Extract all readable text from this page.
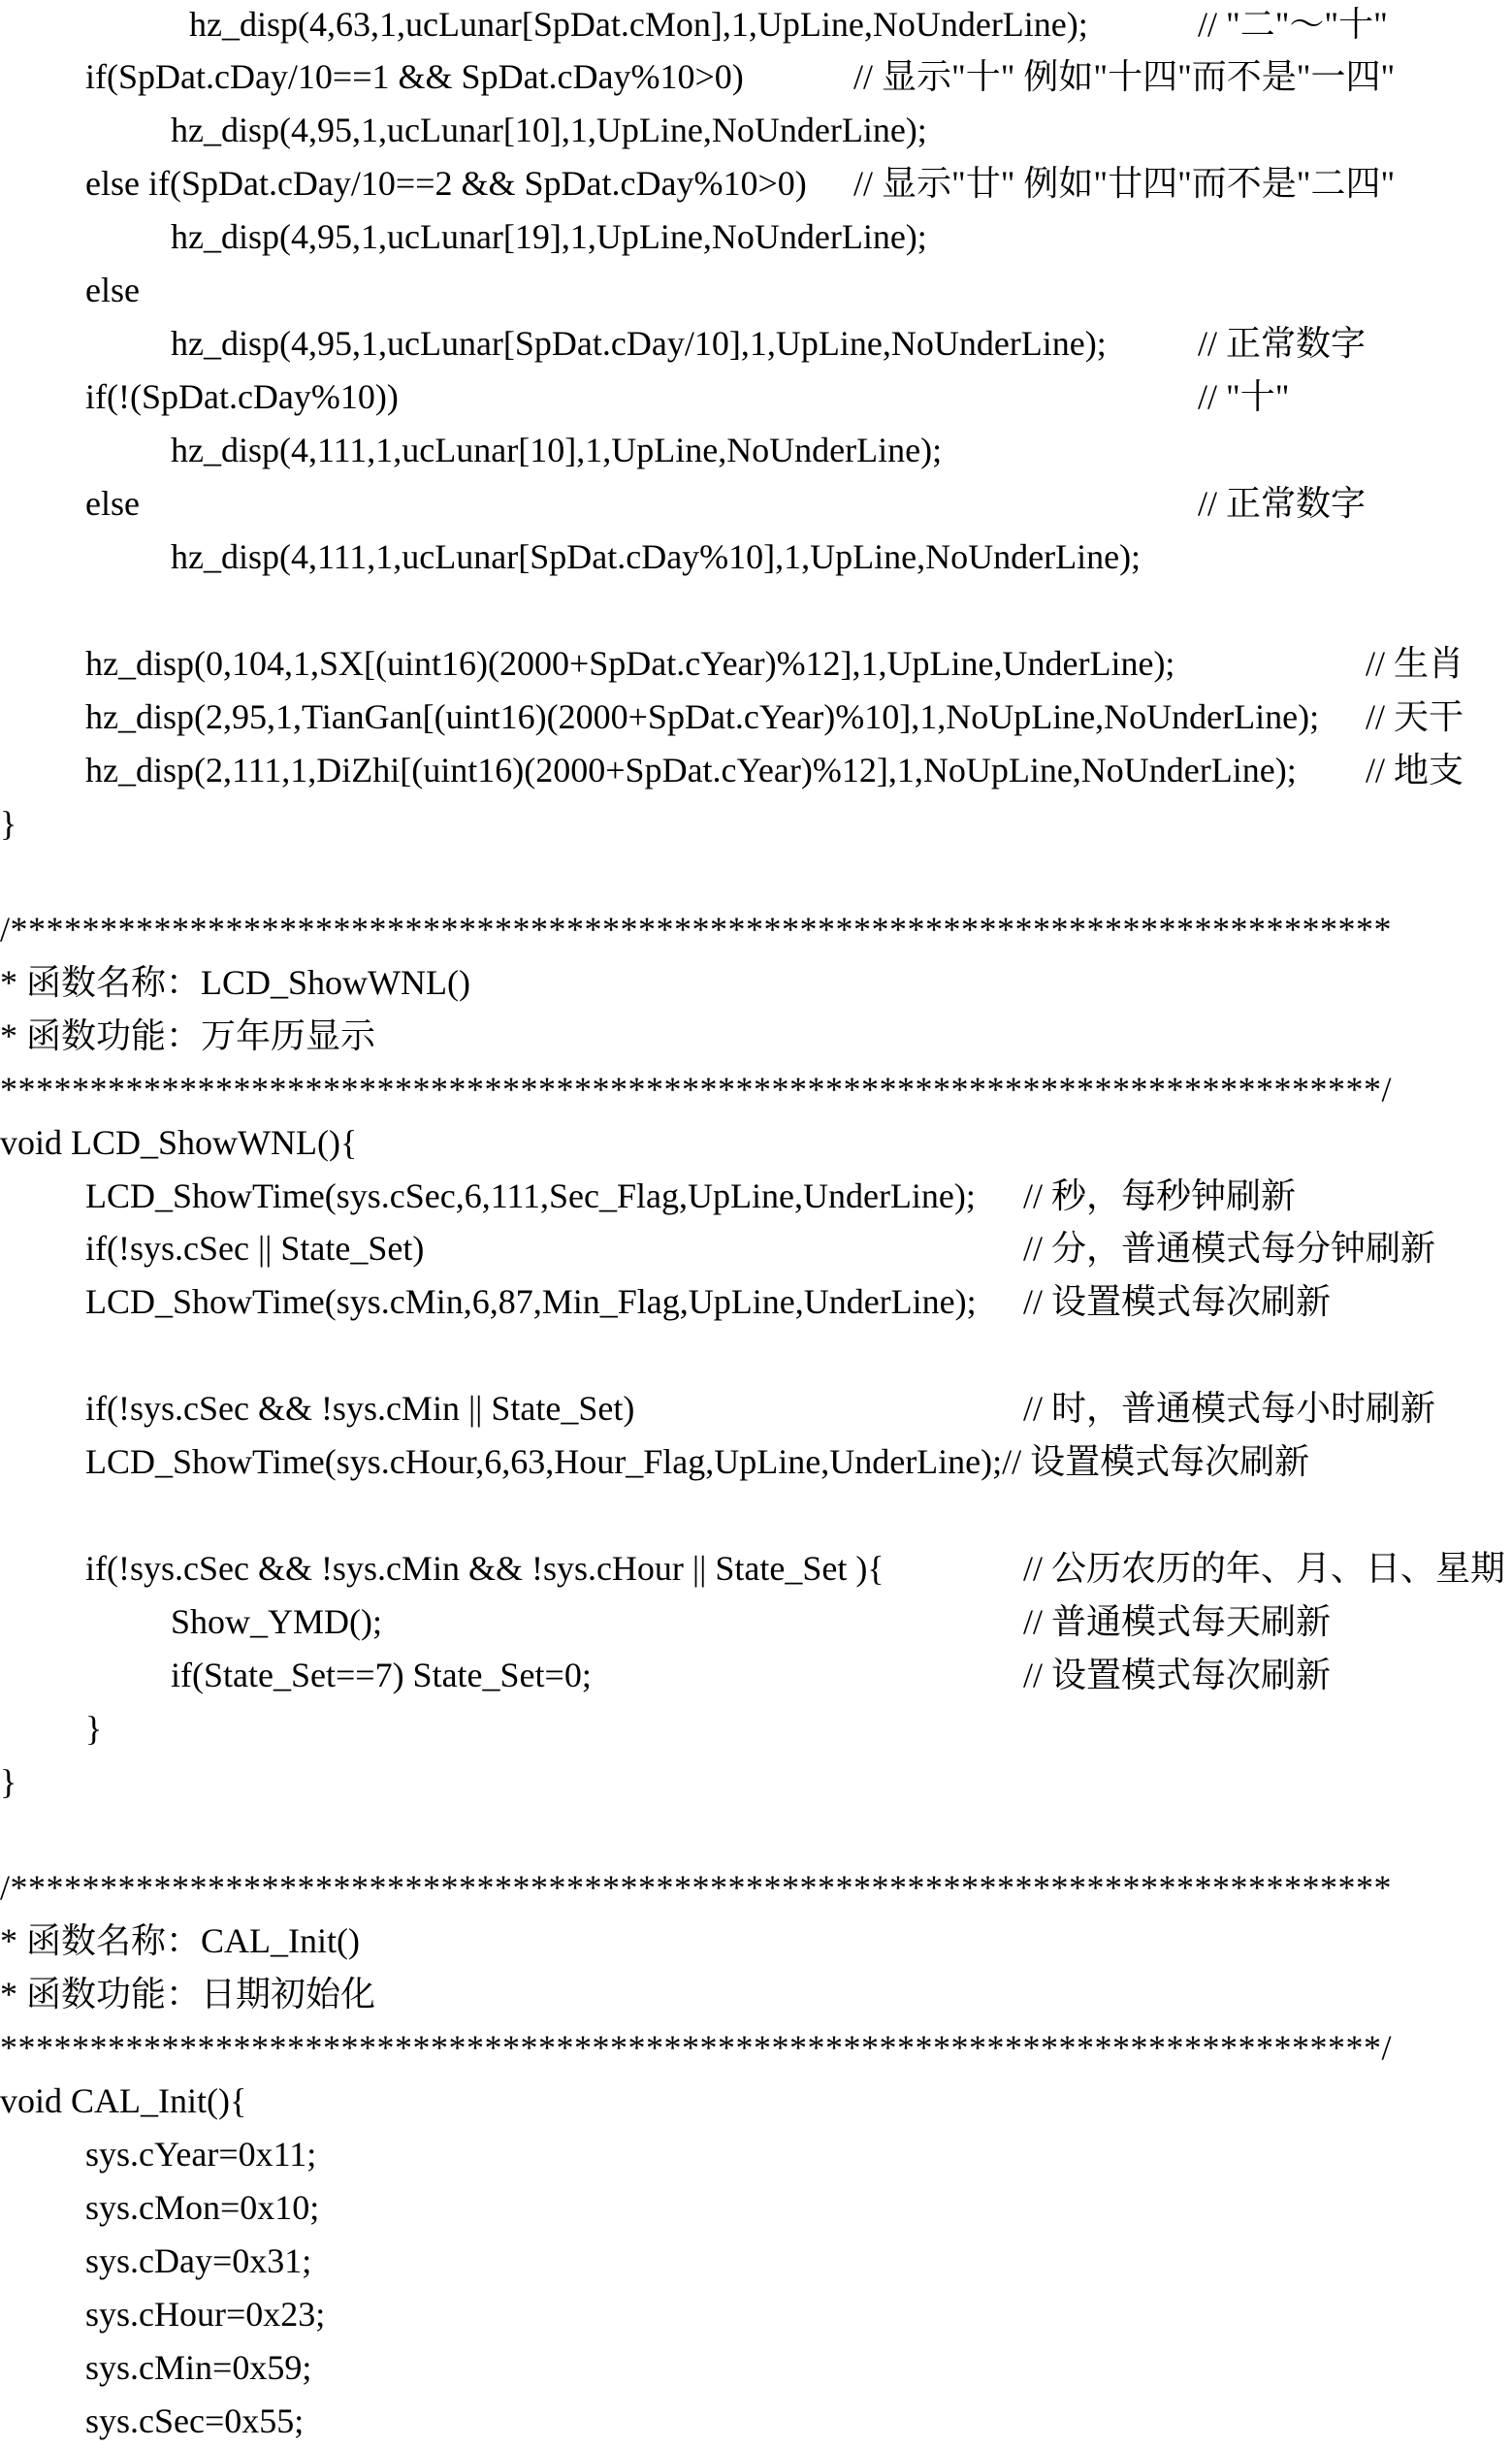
hz_disp(4,63,1,ucLunar[SpDat.cMon],1,UpLine,NoUnderLine);	// "二"～"十"
if(SpDat.cDay/10==1 && SpDat.cDay%10>0)	// 显示"十" 例如"十四"而不是"一四"
hz_disp(4,95,1,ucLunar[10],1,UpLine,NoUnderLine);
else if(SpDat.cDay/10==2 && SpDat.cDay%10>0) // 显示"廿" 例如"廿四"而不是"二四"
hz_disp(4,95,1,ucLunar[19],1,UpLine,NoUnderLine);
else
hz_disp(4,95,1,ucLunar[SpDat.cDay/10],1,UpLine,NoUnderLine);	// 正常数字
if(!(SpDat.cDay%10))	// "十"
hz_disp(4,111,1,ucLunar[10],1,UpLine,NoUnderLine);
else	// 正常数字
hz_disp(4,111,1,ucLunar[SpDat.cDay%10],1,UpLine,NoUnderLine);
hz_disp(0,104,1,SX[(uint16)(2000+SpDat.cYear)%12],1,UpLine,UnderLine);	// 生肖
hz_disp(2,95,1,TianGan[(uint16)(2000+SpDat.cYear)%10],1,NoUpLine,NoUnderLine); // 天干
hz_disp(2,111,1,DiZhi[(uint16)(2000+SpDat.cYear)%12],1,NoUpLine,NoUnderLine); // 地支
}
/*****************************************************************************
* 函数名称：LCD_ShowWNL()
* 函数功能：万年历显示
*****************************************************************************/
void LCD_ShowWNL(){
LCD_ShowTime(sys.cSec,6,111,Sec_Flag,UpLine,UnderLine); // 秒，每秒钟刷新
if(!sys.cSec || State_Set)	// 分，普通模式每分钟刷新
LCD_ShowTime(sys.cMin,6,87,Min_Flag,UpLine,UnderLine); // 设置模式每次刷新
if(!sys.cSec && !sys.cMin || State_Set)	// 时，普通模式每小时刷新
LCD_ShowTime(sys.cHour,6,63,Hour_Flag,UpLine,UnderLine);// 设置模式每次刷新
if(!sys.cSec && !sys.cMin && !sys.cHour || State_Set ){	// 公历农历的年、月、日、星期
Show_YMD();	// 普通模式每天刷新
if(State_Set==7) State_Set=0;	// 设置模式每次刷新
}
}
/*****************************************************************************
* 函数名称：CAL_Init()
* 函数功能：日期初始化
*****************************************************************************/
void CAL_Init(){
sys.cYear=0x11;
sys.cMon=0x10;
sys.cDay=0x31;
sys.cHour=0x23;
sys.cMin=0x59;
sys.cSec=0x55;
